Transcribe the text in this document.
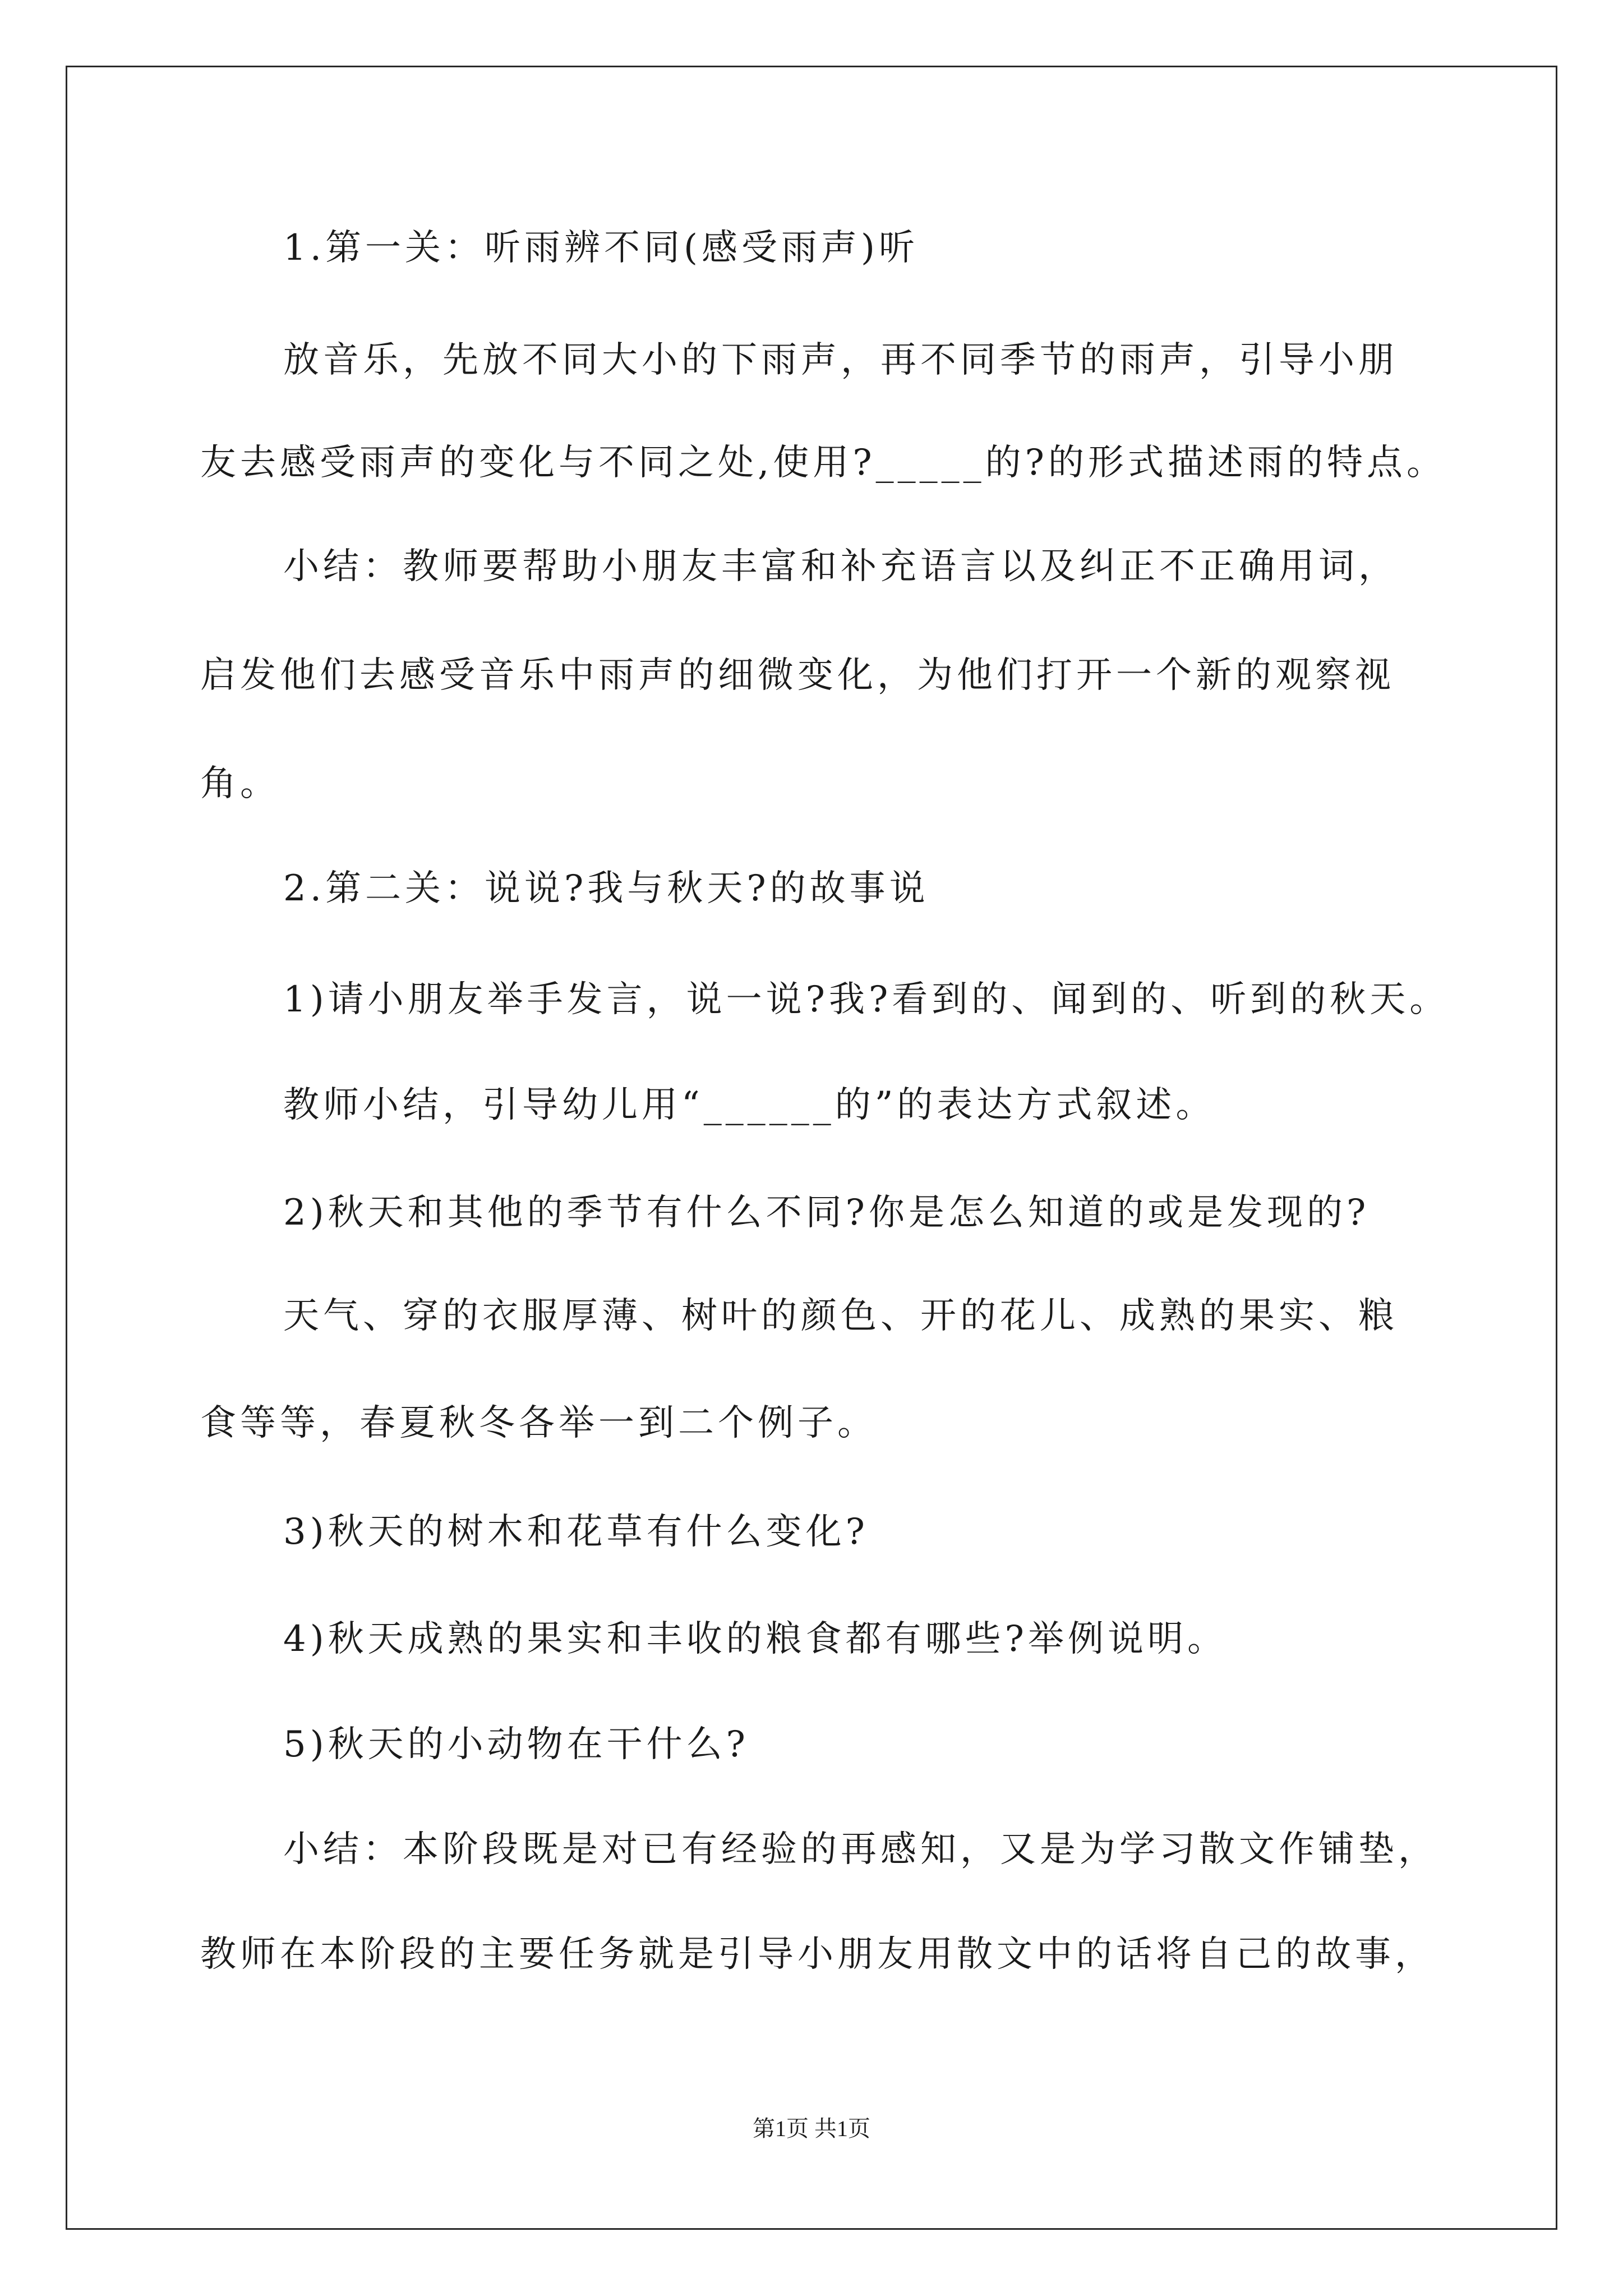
1.第一关：听雨辨不同(感受雨声)听
放音乐，先放不同大小的下雨声，再不同季节的雨声，引导小朋
友去感受雨声的变化与不同之处,使用?_____的?的形式描述雨的特点。
小结：教师要帮助小朋友丰富和补充语言以及纠正不正确用词，
启发他们去感受音乐中雨声的细微变化，为他们打开一个新的观察视
角。
2.第二关：说说?我与秋天?的故事说
1)请小朋友举手发言，说一说?我?看到的、闻到的、听到的秋天。
教师小结，引导幼儿用“______的”的表达方式叙述。
2)秋天和其他的季节有什么不同?你是怎么知道的或是发现的?
天气、穿的衣服厚薄、树叶的颜色、开的花儿、成熟的果实、粮
食等等，春夏秋冬各举一到二个例子。
3)秋天的树木和花草有什么变化?
4)秋天成熟的果实和丰收的粮食都有哪些?举例说明。
5)秋天的小动物在干什么?
小结：本阶段既是对已有经验的再感知，又是为学习散文作铺垫，
教师在本阶段的主要任务就是引导小朋友用散文中的话将自己的故事，
第1页 共1页
